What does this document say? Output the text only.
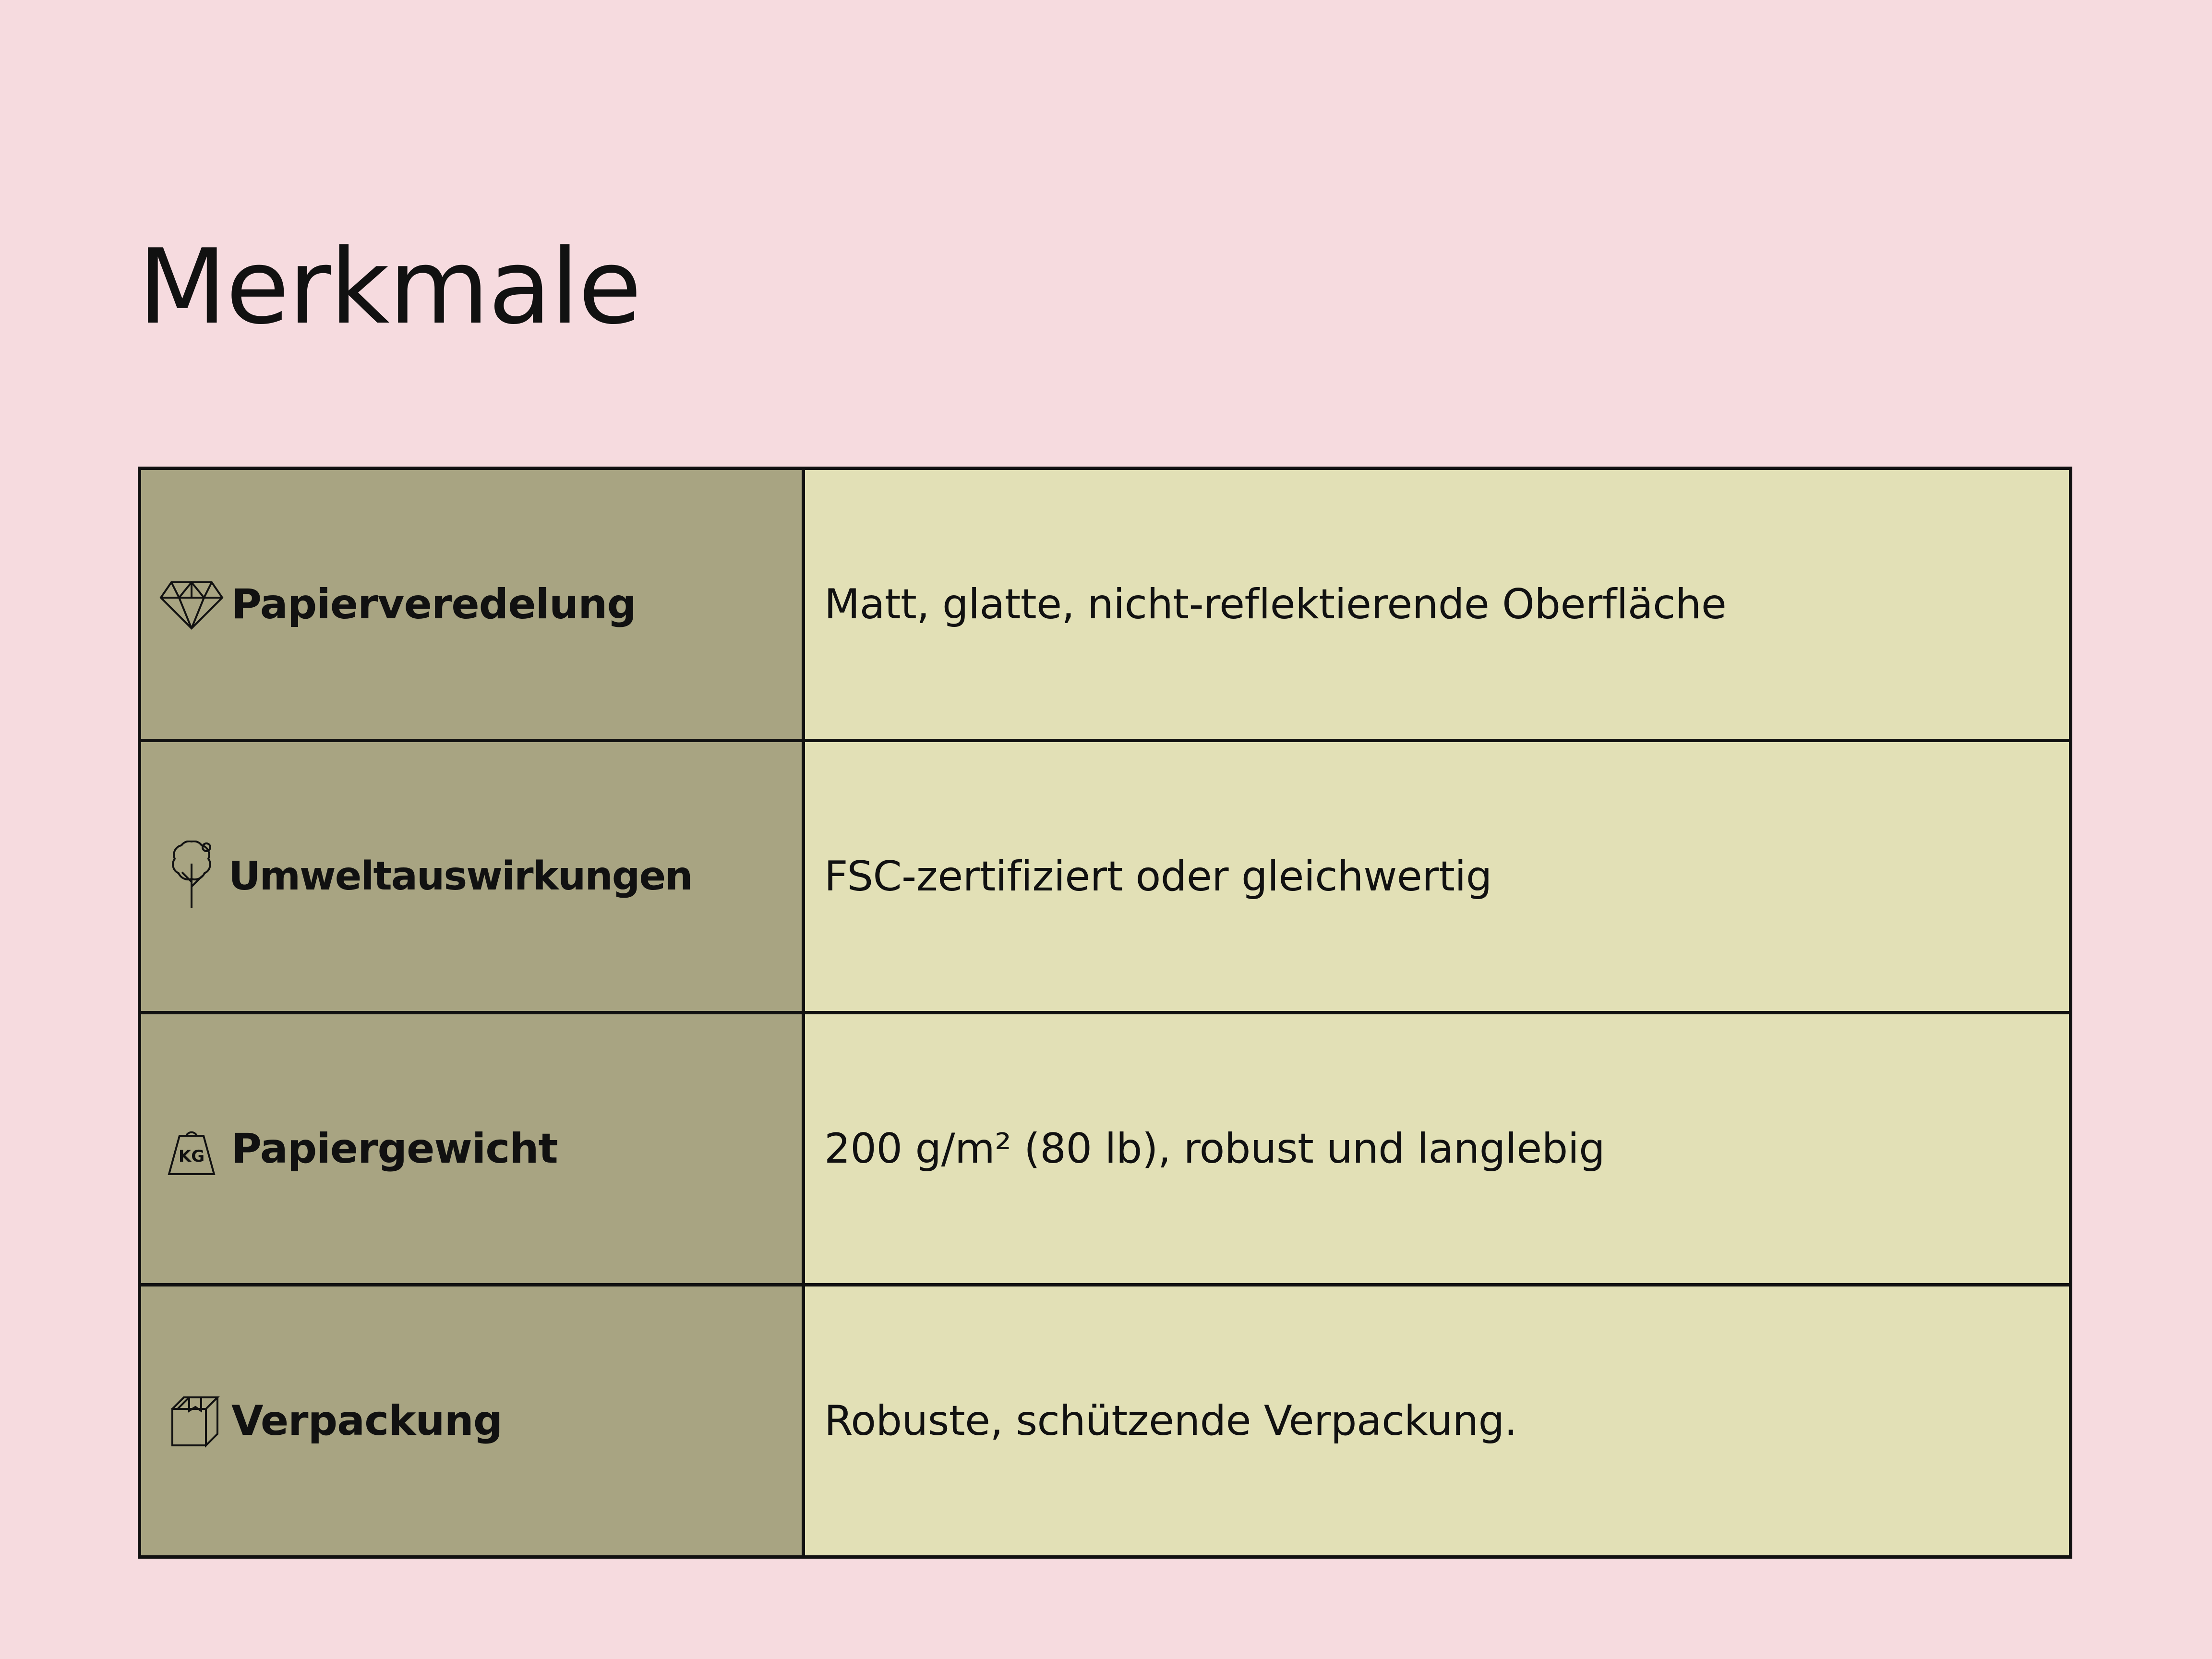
Merkmale
Papierveredelung	Matt, glatte, nicht-reflektierende Oberfläche
Umweltauswirkungen	FSC-zertifiziert oder gleichwertig
KG Papiergewicht	200 g/m² (80 lb), robust und langlebig
Verpackung	Robuste, schützende Verpackung.
